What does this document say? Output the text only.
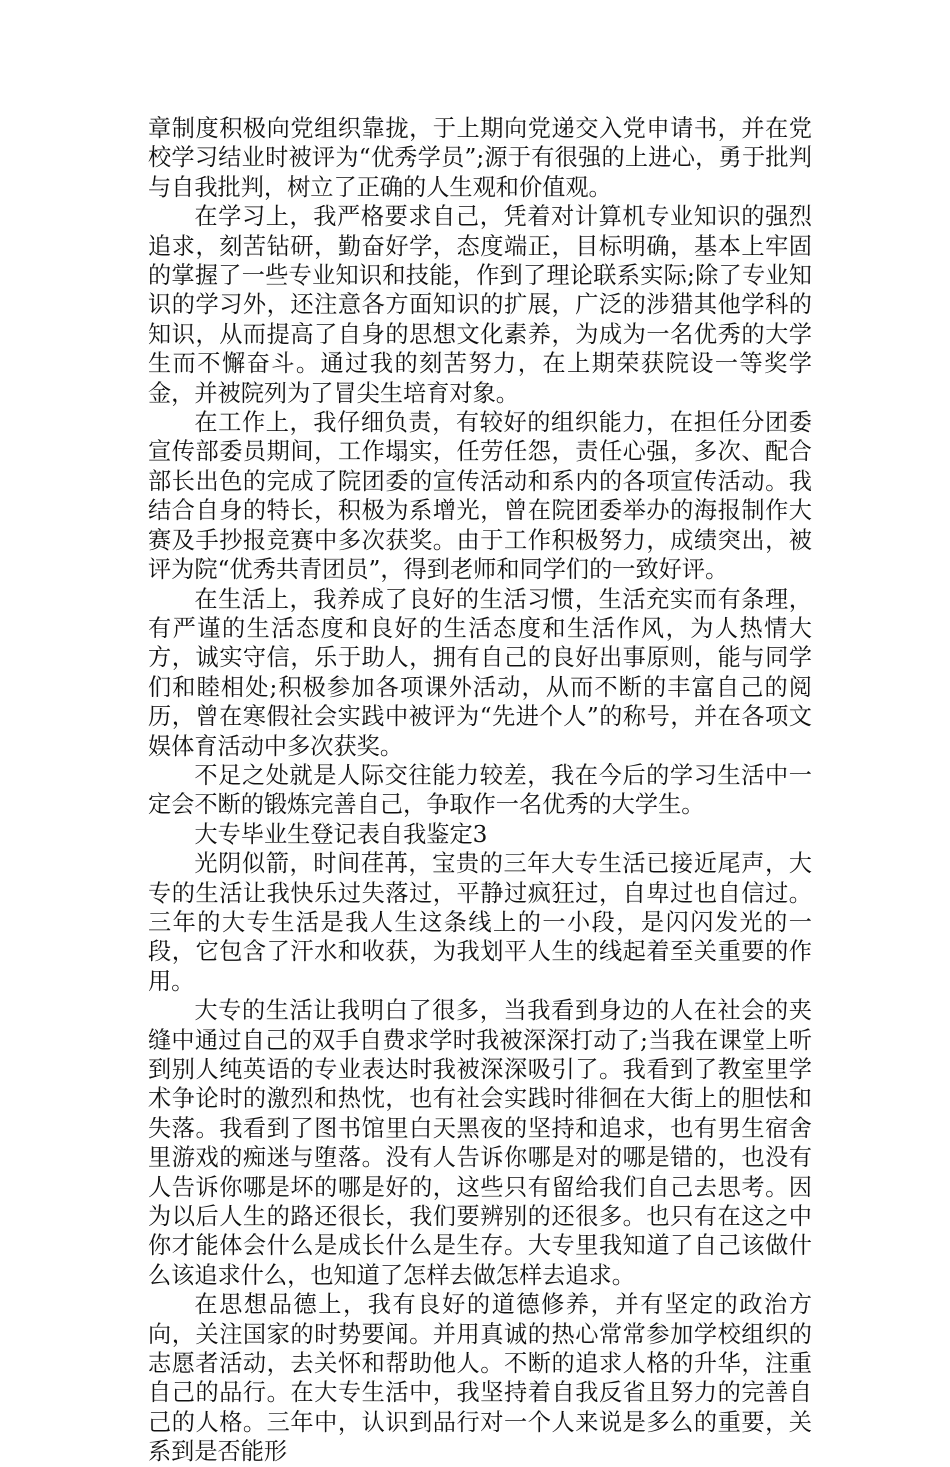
章制度积极向党组织靠拢，于上期向党递交入党申请书，并在党校学习结业时被评为“优秀学员”;源于有很强的上进心，勇于批判与自我批判，树立了正确的人生观和价值观。

在学习上，我严格要求自己，凭着对计算机专业知识的强烈追求，刻苦钻研，勤奋好学，态度端正，目标明确，基本上牢固的掌握了一些专业知识和技能，作到了理论联系实际;除了专业知识的学习外，还注意各方面知识的扩展，广泛的涉猎其他学科的知识，从而提高了自身的思想文化素养，为成为一名优秀的大学生而不懈奋斗。通过我的刻苦努力，在上期荣获院设一等奖学金，并被院列为了冒尖生培育对象。

在工作上，我仔细负责，有较好的组织能力，在担任分团委宣传部委员期间，工作塌实，任劳任怨，责任心强，多次、配合部长出色的完成了院团委的宣传活动和系内的各项宣传活动。我结合自身的特长，积极为系增光，曾在院团委举办的海报制作大赛及手抄报竞赛中多次获奖。由于工作积极努力，成绩突出，被评为院“优秀共青团员”，得到老师和同学们的一致好评。

在生活上，我养成了良好的生活习惯，生活充实而有条理，有严谨的生活态度和良好的生活态度和生活作风，为人热情大方，诚实守信，乐于助人，拥有自己的良好出事原则，能与同学们和睦相处;积极参加各项课外活动，从而不断的丰富自己的阅历，曾在寒假社会实践中被评为“先进个人”的称号，并在各项文娱体育活动中多次获奖。

不足之处就是人际交往能力较差，我在今后的学习生活中一定会不断的锻炼完善自己，争取作一名优秀的大学生。

大专毕业生登记表自我鉴定3

光阴似箭，时间荏苒，宝贵的三年大专生活已接近尾声，大专的生活让我快乐过失落过，平静过疯狂过，自卑过也自信过。三年的大专生活是我人生这条线上的一小段，是闪闪发光的一段，它包含了汗水和收获，为我划平人生的线起着至关重要的作用。

大专的生活让我明白了很多，当我看到身边的人在社会的夹缝中通过自己的双手自费求学时我被深深打动了;当我在课堂上听到别人纯英语的专业表达时我被深深吸引了。我看到了教室里学术争论时的激烈和热忱，也有社会实践时徘徊在大街上的胆怯和失落。我看到了图书馆里白天黑夜的坚持和追求，也有男生宿舍里游戏的痴迷与堕落。没有人告诉你哪是对的哪是错的，也没有人告诉你哪是坏的哪是好的，这些只有留给我们自己去思考。因为以后人生的路还很长，我们要辨别的还很多。也只有在这之中你才能体会什么是成长什么是生存。大专里我知道了自己该做什么该追求什么，也知道了怎样去做怎样去追求。

在思想品德上，我有良好的道德修养，并有坚定的政治方向，关注国家的时势要闻。并用真诚的热心常常参加学校组织的志愿者活动，去关怀和帮助他人。不断的追求人格的升华，注重自己的品行。在大专生活中，我坚持着自我反省且努力的完善自己的人格。三年中，认识到品行对一个人来说是多么的重要，关系到是否能形
